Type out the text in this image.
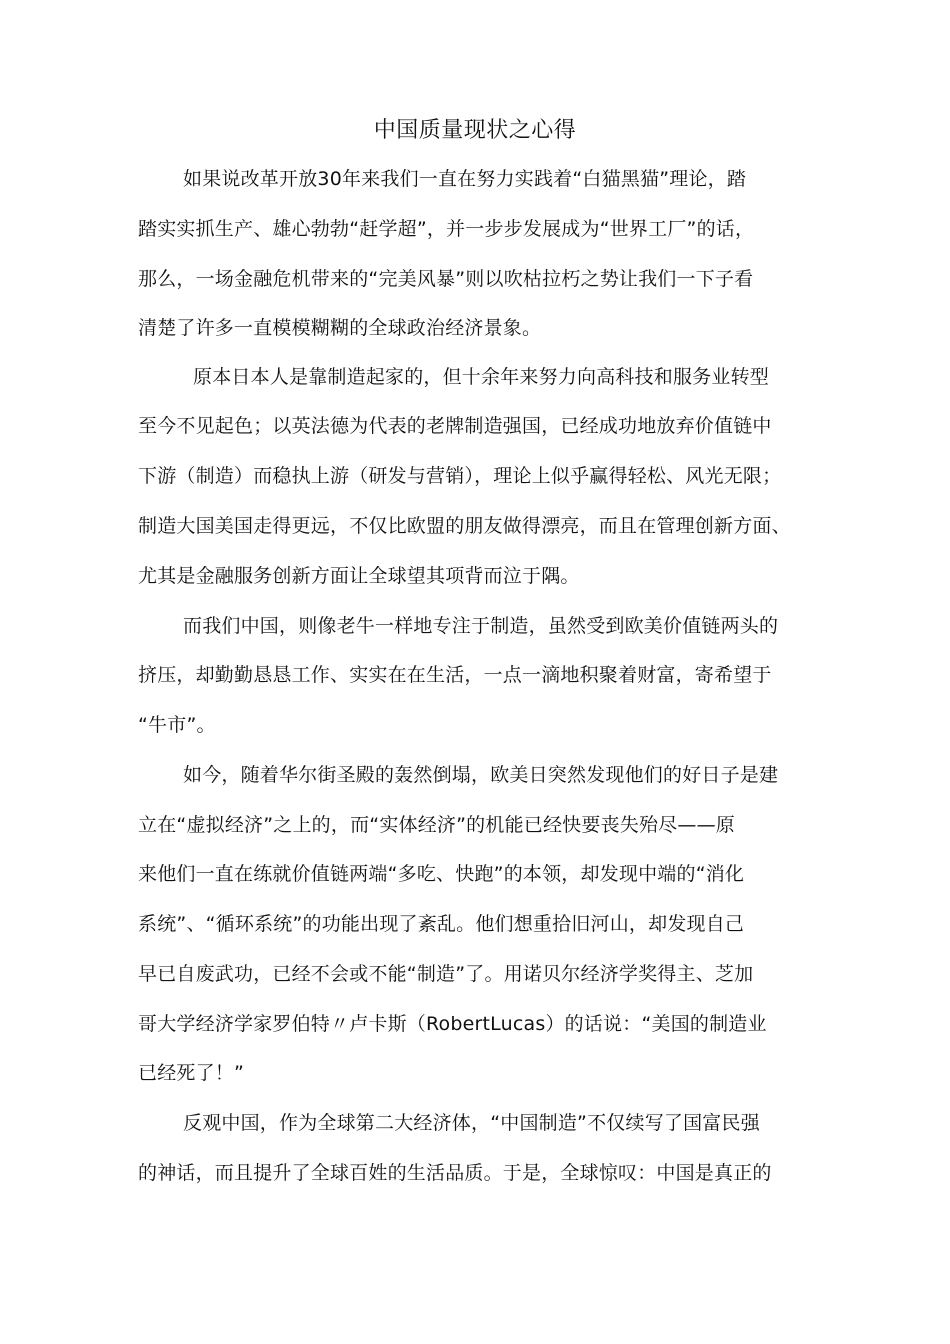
中国质量现状之心得
如果说改革开放30年来我们一直在努力实践着“白猫黑猫”理论，踏
踏实实抓生产、雄心勃勃“赶学超”，并一步步发展成为“世界工厂”的话，
那么，一场金融危机带来的“完美风暴”则以吹枯拉朽之势让我们一下子看
清楚了许多一直模模糊糊的全球政治经济景象。
原本日本人是靠制造起家的，但十余年来努力向高科技和服务业转型
至今不见起色；以英法德为代表的老牌制造强国，已经成功地放弃价值链中
下游（制造）而稳执上游（研发与营销），理论上似乎赢得轻松、风光无限；
制造大国美国走得更远，不仅比欧盟的朋友做得漂亮，而且在管理创新方面、
尤其是金融服务创新方面让全球望其项背而泣于隅。
而我们中国，则像老牛一样地专注于制造，虽然受到欧美价值链两头的
挤压，却勤勤恳恳工作、实实在在生活，一点一滴地积聚着财富，寄希望于
“牛市”。
如今，随着华尔街圣殿的轰然倒塌，欧美日突然发现他们的好日子是建
立在“虚拟经济”之上的，而“实体经济”的机能已经快要丧失殆尽——原
来他们一直在练就价值链两端“多吃、快跑”的本领，却发现中端的“消化
系统”、“循环系统”的功能出现了紊乱。他们想重拾旧河山，却发现自己
早已自废武功，已经不会或不能“制造”了。用诺贝尔经济学奖得主、芝加
哥大学经济学家罗伯特〃卢卡斯（RobertLucas）的话说：“美国的制造业
已经死了！”
反观中国，作为全球第二大经济体，“中国制造”不仅续写了国富民强
的神话，而且提升了全球百姓的生活品质。于是，全球惊叹：中国是真正的
